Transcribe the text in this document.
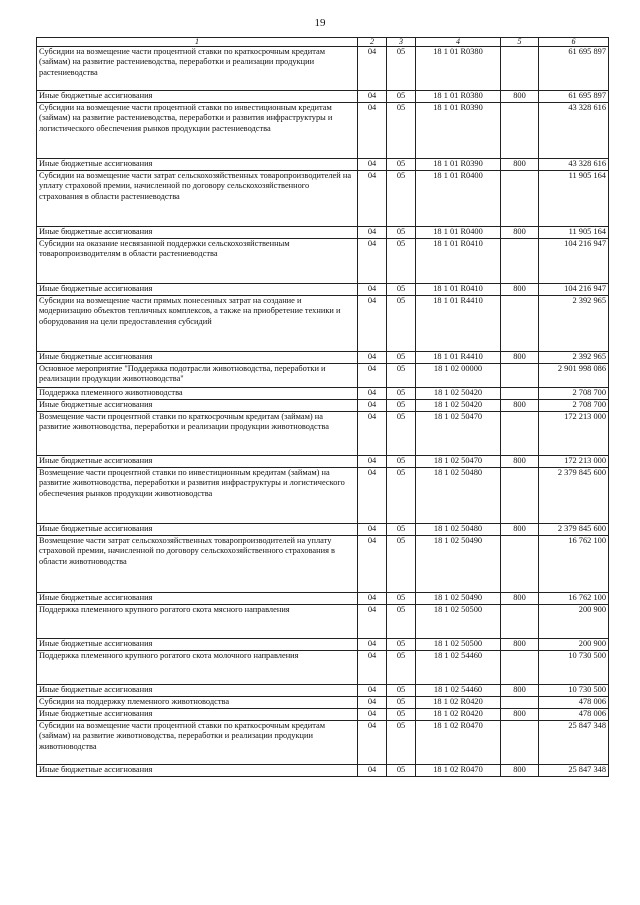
19
1	2	3	4	5	6
Субсидии на возмещение части процентной ставки по краткосрочным кредитам (займам) на развитие растениеводства, переработки и реализации продукции растениеводства	04	05	18 1 01 R0380		61 695 897
Иные бюджетные ассигнования	04	05	18 1 01 R0380	800	61 695 897
Субсидии на возмещение части процентной ставки по инвестиционным кредитам (займам) на развитие растениеводства, переработки и развития инфраструктуры и логистического обеспечения рынков продукции растениеводства	04	05	18 1 01 R0390		43 328 616
Иные бюджетные ассигнования	04	05	18 1 01 R0390	800	43 328 616
Субсидии на возмещение части затрат сельскохозяйственных товаропроизводителей на уплату страховой премии, начисленной по договору сельскохозяйственного страхования в области растениеводства	04	05	18 1 01 R0400		11 905 164
Иные бюджетные ассигнования	04	05	18 1 01 R0400	800	11 905 164
Субсидии на оказание несвязанной поддержки сельскохозяйственным товаропроизводителям в области растениеводства	04	05	18 1 01 R0410		104 216 947
Иные бюджетные ассигнования	04	05	18 1 01 R0410	800	104 216 947
Субсидии на возмещение части прямых понесенных затрат на создание и модернизацию объектов тепличных комплексов, а также на приобретение техники и оборудования на цели предоставления субсидий	04	05	18 1 01 R4410		2 392 965
Иные бюджетные ассигнования	04	05	18 1 01 R4410	800	2 392 965
Основное мероприятие "Поддержка подотрасли животноводства, переработки и реализации продукции животноводства"	04	05	18 1 02 00000		2 901 998 086
Поддержка племенного животноводства	04	05	18 1 02 50420		2 708 700
Иные бюджетные ассигнования	04	05	18 1 02 50420	800	2 708 700
Возмещение части процентной ставки по краткосрочным кредитам (займам) на развитие животноводства, переработки и реализации продукции животноводства	04	05	18 1 02 50470		172 213 000
Иные бюджетные ассигнования	04	05	18 1 02 50470	800	172 213 000
Возмещение части процентной ставки по инвестиционным кредитам (займам) на развитие животноводства, переработки и развития инфраструктуры и логистического обеспечения рынков продукции животноводства	04	05	18 1 02 50480		2 379 845 600
Иные бюджетные ассигнования	04	05	18 1 02 50480	800	2 379 845 600
Возмещение части затрат сельскохозяйственных товаропроизводителей на уплату страховой премии, начисленной по договору сельскохозяйственного страхования в области животноводства	04	05	18 1 02 50490		16 762 100
Иные бюджетные ассигнования	04	05	18 1 02 50490	800	16 762 100
Поддержка племенного крупного рогатого скота мясного направления	04	05	18 1 02 50500		200 900
Иные бюджетные ассигнования	04	05	18 1 02 50500	800	200 900
Поддержка племенного крупного рогатого скота молочного направления	04	05	18 1 02 54460		10 730 500
Иные бюджетные ассигнования	04	05	18 1 02 54460	800	10 730 500
Субсидии на поддержку племенного животноводства	04	05	18 1 02 R0420		478 006
Иные бюджетные ассигнования	04	05	18 1 02 R0420	800	478 006
Субсидии на возмещение части процентной ставки по краткосрочным кредитам (займам) на развитие животноводства, переработки и реализации продукции животноводства	04	05	18 1 02 R0470		25 847 348
Иные бюджетные ассигнования	04	05	18 1 02 R0470	800	25 847 348
